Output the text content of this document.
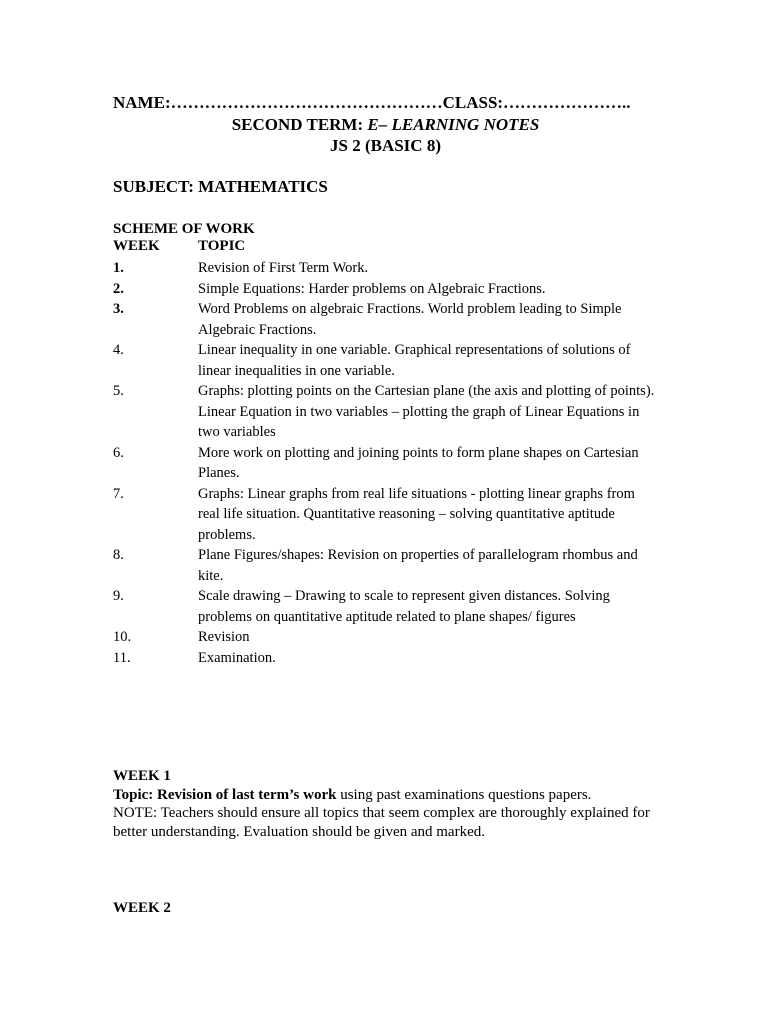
NAME:…………………………………………CLASS:…………………..
SECOND TERM: E– LEARNING NOTES
JS 2 (BASIC 8)
SUBJECT: MATHEMATICS
SCHEME OF WORK
WEEK	TOPIC
1.	Revision of First Term Work.
2.	Simple Equations: Harder problems on Algebraic Fractions.
3.	Word Problems on algebraic Fractions. World problem leading to Simple Algebraic Fractions.
4.	Linear inequality in one variable. Graphical representations of solutions of linear inequalities in one variable.
5.	Graphs: plotting points on the Cartesian plane (the axis and plotting of points). Linear Equation in two variables – plotting the graph of Linear Equations in two variables
6.	More work on plotting and joining points to form plane shapes on Cartesian Planes.
7.	Graphs: Linear graphs from real life situations - plotting linear graphs from real life situation. Quantitative reasoning – solving quantitative aptitude problems.
8.	Plane Figures/shapes: Revision on properties of parallelogram rhombus and kite.
9.	Scale drawing – Drawing to scale to represent given distances. Solving problems on quantitative aptitude related to plane shapes/ figures
10.	Revision
11.	Examination.
WEEK 1
Topic: Revision of last term’s work using past examinations questions papers.
NOTE: Teachers should ensure all topics that seem complex are thoroughly explained for better understanding. Evaluation should be given and marked.
WEEK 2
